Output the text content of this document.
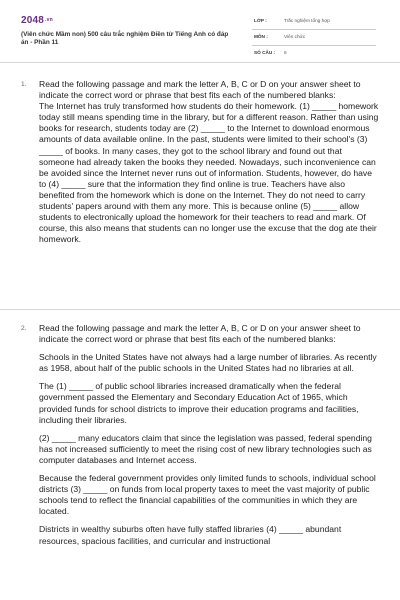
2048.vn
(Viên chức Mầm non) 500 câu trắc nghiệm Điền từ Tiếng Anh có đáp án - Phần 11
LỚP :	Trắc nghiệm tổng hợp
MÔN :	Viên chức
SỐ CÂU : 6
1. Read the following passage and mark the letter A, B, C or D on your answer sheet to indicate the correct word or phrase that best fits each of the numbered blanks:

The Internet has truly transformed how students do their homework. (1) _____ homework today still means spending time in the library, but for a different reason. Rather than using books for research, students today are (2) _____ to the Internet to download enormous amounts of data available online. In the past, students were limited to their school's (3) _____ of books. In many cases, they got to the school library and found out that someone had already taken the books they needed. Nowadays, such inconvenience can be avoided since the Internet never runs out of information. Students, however, do have to (4) _____ sure that the information they find online is true. Teachers have also benefited from the homework which is done on the Internet. They do not need to carry students' papers around with them any more. This is because online (5) _____ allow students to electronically upload the homework for their teachers to read and mark. Of course, this also means that students can no longer use the excuse that the dog ate their homework.

2. Read the following passage and mark the letter A, B, C or D on your answer sheet to indicate the correct word or phrase that best fits each of the numbered blanks:

Schools in the United States have not always had a large number of libraries. As recently as 1958, about half of the public schools in the United States had no libraries at all.

The (1) _____ of public school libraries increased dramatically when the federal government passed the Elementary and Secondary Education Act of 1965, which provided funds for school districts to improve their education programs and facilities, including their libraries.

(2) _____ many educators claim that since the legislation was passed, federal spending has not increased sufficiently to meet the rising cost of new library technologies such as computer databases and Internet access.

Because the federal government provides only limited funds to schools, individual school districts (3) _____ on funds from local property taxes to meet the vast majority of public schools tend to reflect the financial capabilities of the communities in which they are located.

Districts in wealthy suburbs often have fully staffed libraries (4) _____ abundant resources, spacious facilities, and curricular and instructional
